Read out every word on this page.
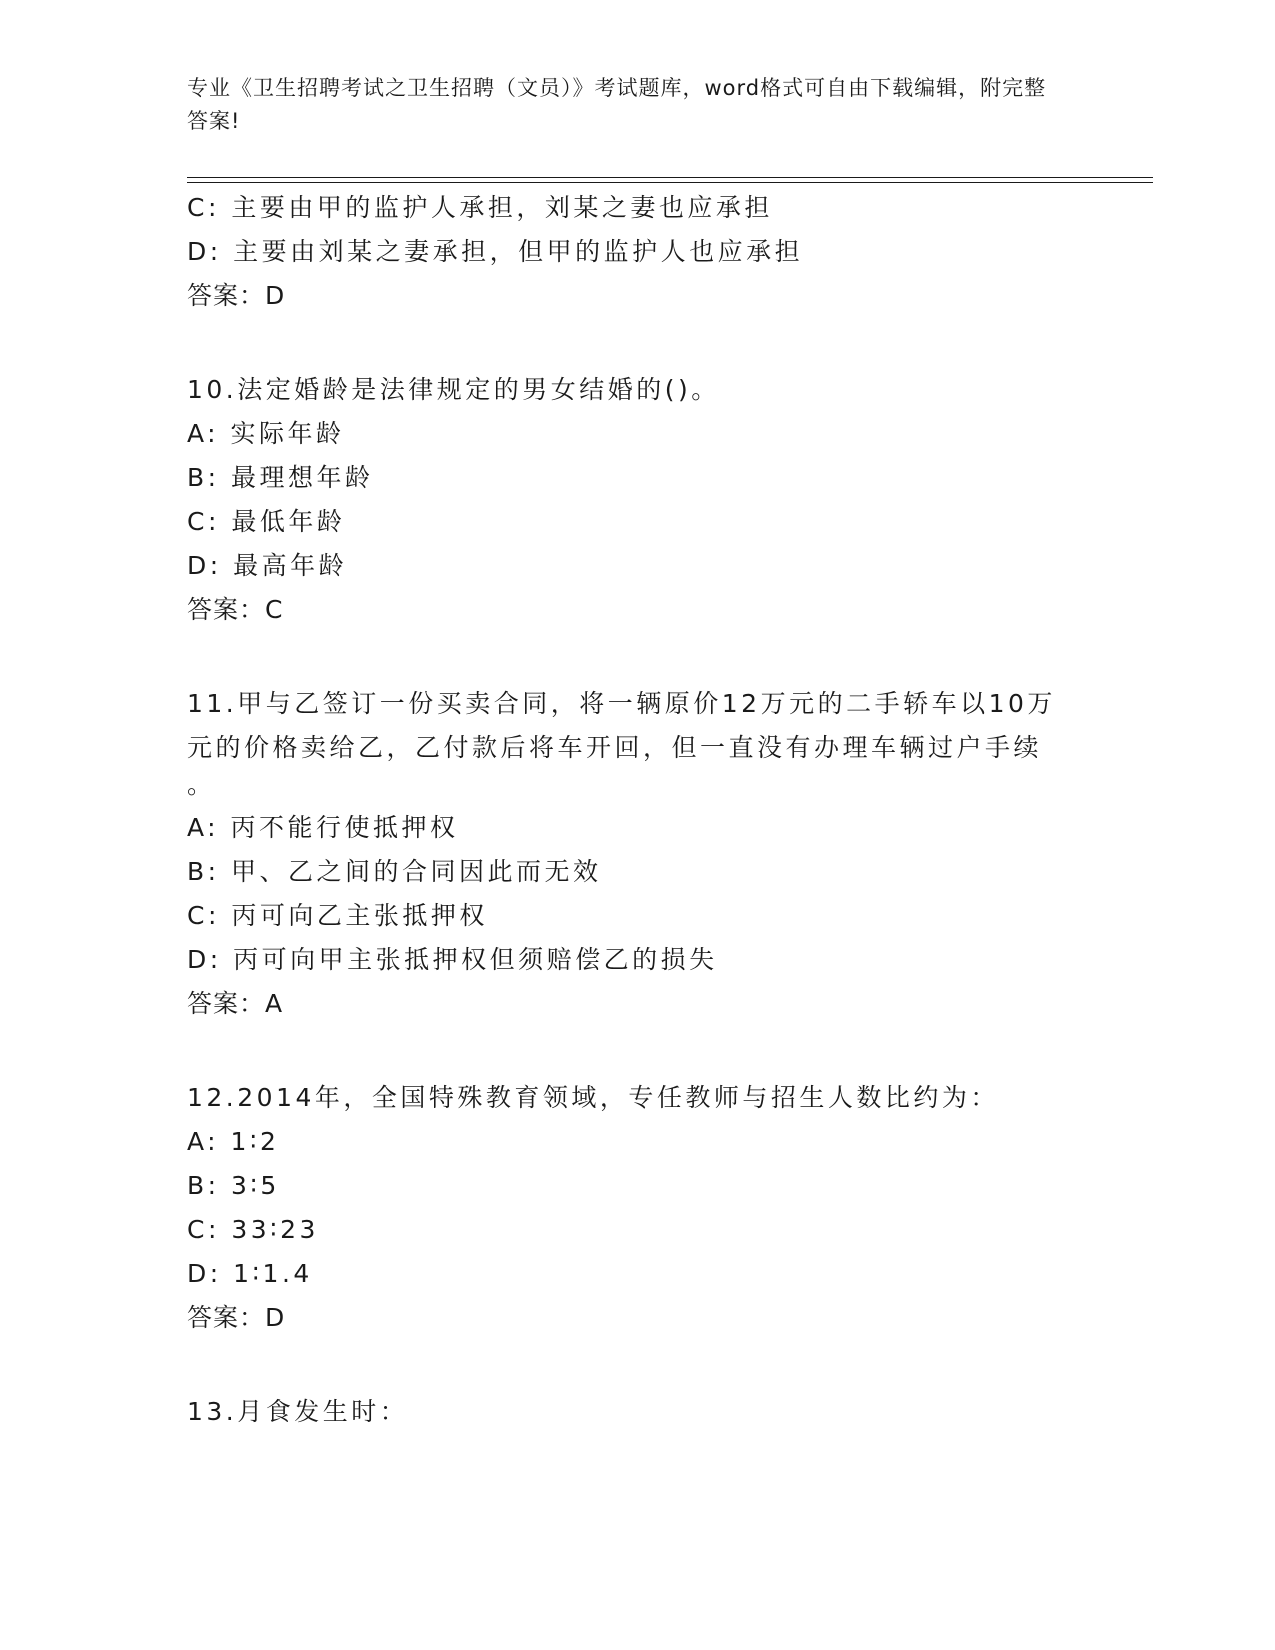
专业《卫生招聘考试之卫生招聘（文员）》考试题库，word格式可自由下载编辑，附完整答案!
C: 主要由甲的监护人承担，刘某之妻也应承担
D: 主要由刘某之妻承担，但甲的监护人也应承担
答案：D
10.法定婚龄是法律规定的男女结婚的()。
A: 实际年龄
B: 最理想年龄
C: 最低年龄
D: 最高年龄
答案：C
11.甲与乙签订一份买卖合同，将一辆原价12万元的二手轿车以10万
元的价格卖给乙，乙付款后将车开回，但一直没有办理车辆过户手续
。
A: 丙不能行使抵押权
B: 甲、乙之间的合同因此而无效
C: 丙可向乙主张抵押权
D: 丙可向甲主张抵押权但须赔偿乙的损失
答案：A
12.2014年，全国特殊教育领域，专任教师与招生人数比约为：
A: 1∶2
B: 3∶5
C: 33∶23
D: 1∶1.4
答案：D
13.月食发生时：
